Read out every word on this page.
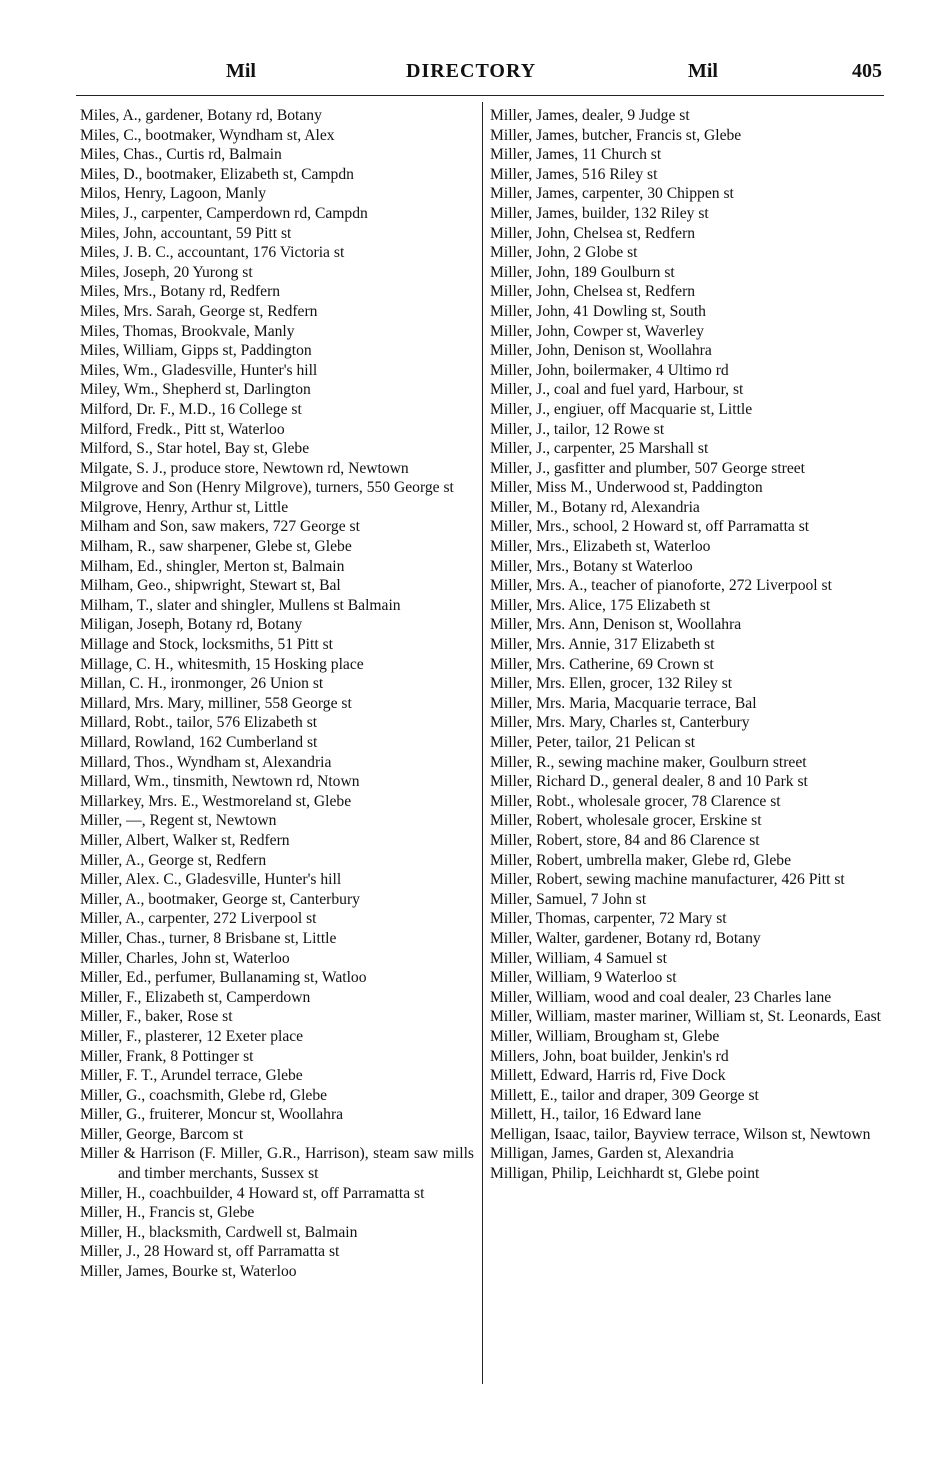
Mil	DIRECTORY	Mil	405
Miles, A., gardener, Botany rd, Botany
Miles, C., bootmaker, Wyndham st, Alex
Miles, Chas., Curtis rd, Balmain
Miles, D., bootmaker, Elizabeth st, Campdn
Milos, Henry, Lagoon, Manly
Miles, J., carpenter, Camperdown rd, Campdn
Miles, John, accountant, 59 Pitt st
Miles, J. B. C., accountant, 176 Victoria st
Miles, Joseph, 20 Yurong st
Miles, Mrs., Botany rd, Redfern
Miles, Mrs. Sarah, George st, Redfern
Miles, Thomas, Brookvale, Manly
Miles, William, Gipps st, Paddington
Miles, Wm., Gladesville, Hunter's hill
Miley, Wm., Shepherd st, Darlington
Milford, Dr. F., M.D., 16 College st
Milford, Fredk., Pitt st, Waterloo
Milford, S., Star hotel, Bay st, Glebe
Milgate, S. J., produce store, Newtown rd, Newtown
Milgrove and Son (Henry Milgrove), turners, 550 George st
Milgrove, Henry, Arthur st, Little
Milham and Son, saw makers, 727 George st
Milham, R., saw sharpener, Glebe st, Glebe
Milham, Ed., shingler, Merton st, Balmain
Milham, Geo., shipwright, Stewart st, Bal
Milham, T., slater and shingler, Mullens st Balmain
Miligan, Joseph, Botany rd, Botany
Millage and Stock, locksmiths, 51 Pitt st
Millage, C. H., whitesmith, 15 Hosking place
Millan, C. H., ironmonger, 26 Union st
Millard, Mrs. Mary, milliner, 558 George st
Millard, Robt., tailor, 576 Elizabeth st
Millard, Rowland, 162 Cumberland st
Millard, Thos., Wyndham st, Alexandria
Millard, Wm., tinsmith, Newtown rd, Ntown
Millarkey, Mrs. E., Westmoreland st, Glebe
Miller, —, Regent st, Newtown
Miller, Albert, Walker st, Redfern
Miller, A., George st, Redfern
Miller, Alex. C., Gladesville, Hunter's hill
Miller, A., bootmaker, George st, Canterbury
Miller, A., carpenter, 272 Liverpool st
Miller, Chas., turner, 8 Brisbane st, Little
Miller, Charles, John st, Waterloo
Miller, Ed., perfumer, Bullanaming st, Watloo
Miller, F., Elizabeth st, Camperdown
Miller, F., baker, Rose st
Miller, F., plasterer, 12 Exeter place
Miller, Frank, 8 Pottinger st
Miller, F. T., Arundel terrace, Glebe
Miller, G., coachsmith, Glebe rd, Glebe
Miller, G., fruiterer, Moncur st, Woollahra
Miller, George, Barcom st
Miller & Harrison (F. Miller, G.R., Harrison), steam saw mills and timber merchants, Sussex st
Miller, H., coachbuilder, 4 Howard st, off Parramatta st
Miller, H., Francis st, Glebe
Miller, H., blacksmith, Cardwell st, Balmain
Miller, J., 28 Howard st, off Parramatta st
Miller, James, Bourke st, Waterloo
Miller, James, dealer, 9 Judge st
Miller, James, butcher, Francis st, Glebe
Miller, James, 11 Church st
Miller, James, 516 Riley st
Miller, James, carpenter, 30 Chippen st
Miller, James, builder, 132 Riley st
Miller, John, Chelsea st, Redfern
Miller, John, 2 Globe st
Miller, John, 189 Goulburn st
Miller, John, Chelsea st, Redfern
Miller, John, 41 Dowling st, South
Miller, John, Cowper st, Waverley
Miller, John, Denison st, Woollahra
Miller, John, boilermaker, 4 Ultimo rd
Miller, J., coal and fuel yard, Harbour, st
Miller, J., engiuer, off Macquarie st, Little
Miller, J., tailor, 12 Rowe st
Miller, J., carpenter, 25 Marshall st
Miller, J., gasfitter and plumber, 507 George street
Miller, Miss M., Underwood st, Paddington
Miller, M., Botany rd, Alexandria
Miller, Mrs., school, 2 Howard st, off Parramatta st
Miller, Mrs., Elizabeth st, Waterloo
Miller, Mrs., Botany st Waterloo
Miller, Mrs. A., teacher of pianoforte, 272 Liverpool st
Miller, Mrs. Alice, 175 Elizabeth st
Miller, Mrs. Ann, Denison st, Woollahra
Miller, Mrs. Annie, 317 Elizabeth st
Miller, Mrs. Catherine, 69 Crown st
Miller, Mrs. Ellen, grocer, 132 Riley st
Miller, Mrs. Maria, Macquarie terrace, Bal
Miller, Mrs. Mary, Charles st, Canterbury
Miller, Peter, tailor, 21 Pelican st
Miller, R., sewing machine maker, Goulburn street
Miller, Richard D., general dealer, 8 and 10 Park st
Miller, Robt., wholesale grocer, 78 Clarence st
Miller, Robert, wholesale grocer, Erskine st
Miller, Robert, store, 84 and 86 Clarence st
Miller, Robert, umbrella maker, Glebe rd, Glebe
Miller, Robert, sewing machine manufacturer, 426 Pitt st
Miller, Samuel, 7 John st
Miller, Thomas, carpenter, 72 Mary st
Miller, Walter, gardener, Botany rd, Botany
Miller, William, 4 Samuel st
Miller, William, 9 Waterloo st
Miller, William, wood and coal dealer, 23 Charles lane
Miller, William, master mariner, William st, St. Leonards, East
Miller, William, Brougham st, Glebe
Millers, John, boat builder, Jenkin's rd
Millett, Edward, Harris rd, Five Dock
Millett, E., tailor and draper, 309 George st
Millett, H., tailor, 16 Edward lane
Melligan, Isaac, tailor, Bayview terrace, Wilson st, Newtown
Milligan, James, Garden st, Alexandria
Milligan, Philip, Leichhardt st, Glebe point
